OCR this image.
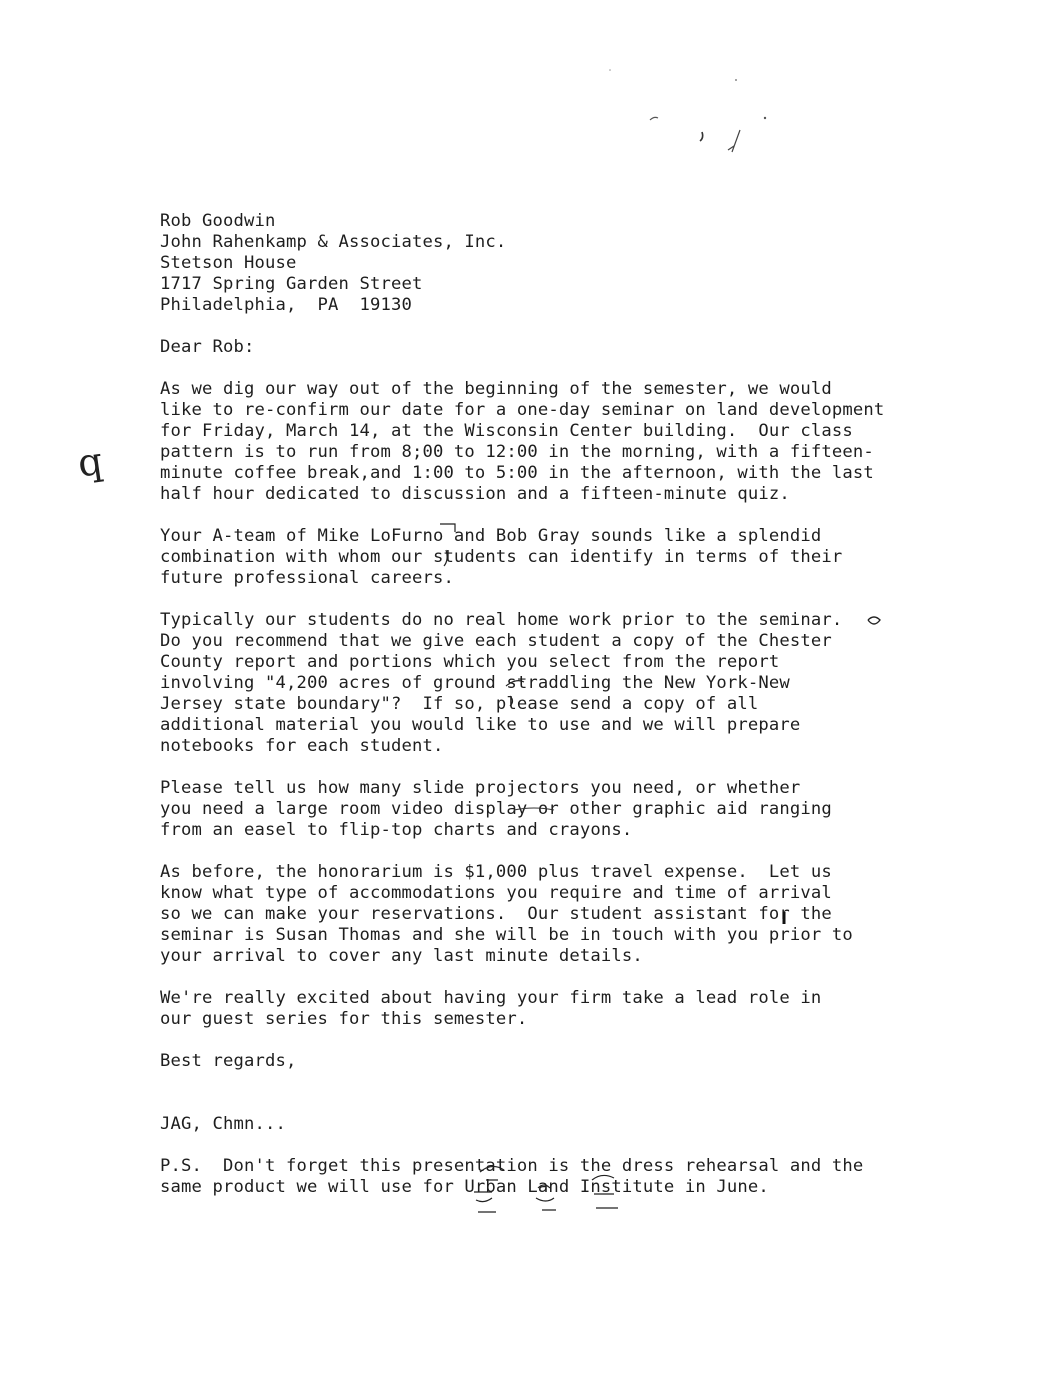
Rob Goodwin
John Rahenkamp & Associates, Inc.
Stetson House
1717 Spring Garden Street
Philadelphia,  PA  19130
Dear Rob:
As we dig our way out of the beginning of the semester, we would
like to re-confirm our date for a one-day seminar on land development
for Friday, March 14, at the Wisconsin Center building.  Our class
pattern is to run from 8;00 to 12:00 in the morning, with a fifteen-
minute coffee break,and 1:00 to 5:00 in the afternoon, with the last
half hour dedicated to discussion and a fifteen-minute quiz.
Your A-team of Mike LoFurno and Bob Gray sounds like a splendid
combination with whom our students can identify in terms of their
future professional careers.
Typically our students do no real home work prior to the seminar.
Do you recommend that we give each student a copy of the Chester
County report and portions which you select from the report
involving "4,200 acres of ground straddling the New York-New
Jersey state boundary"?  If so, please send a copy of all
additional material you would like to use and we will prepare
notebooks for each student.
Please tell us how many slide projectors you need, or whether
you need a large room video display or other graphic aid ranging
from an easel to flip-top charts and crayons.
As before, the honorarium is $1,000 plus travel expense.  Let us
know what type of accommodations you require and time of arrival
so we can make your reservations.  Our student assistant for the
seminar is Susan Thomas and she will be in touch with you prior to
your arrival to cover any last minute details.
We're really excited about having your firm take a lead role in
our guest series for this semester.
Best regards,
JAG, Chmn...
P.S.  Don't forget this presentation is the dress rehearsal and the
same product we will use for Urban Land Institute in June.
q
